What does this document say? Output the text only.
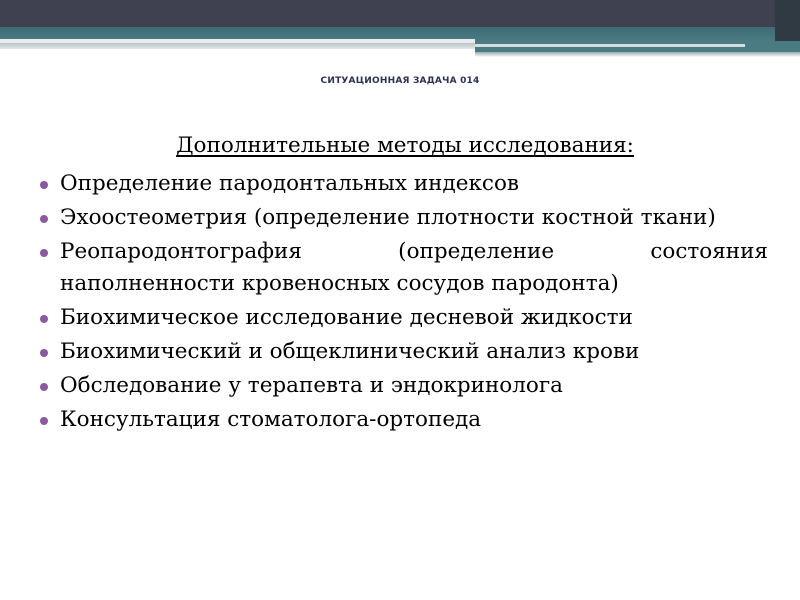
СИТУАЦИОННАЯ ЗАДАЧА 014
Дополнительные методы исследования:
Определение пародонтальных индексов
Эхоостеометрия (определение плотности костной ткани)
Реопародонтография (определение состояния наполненности кровеносных сосудов пародонта)
Биохимическое исследование десневой жидкости
Биохимический и общеклинический анализ крови
Обследование у терапевта и эндокринолога
Консультация стоматолога-ортопеда
